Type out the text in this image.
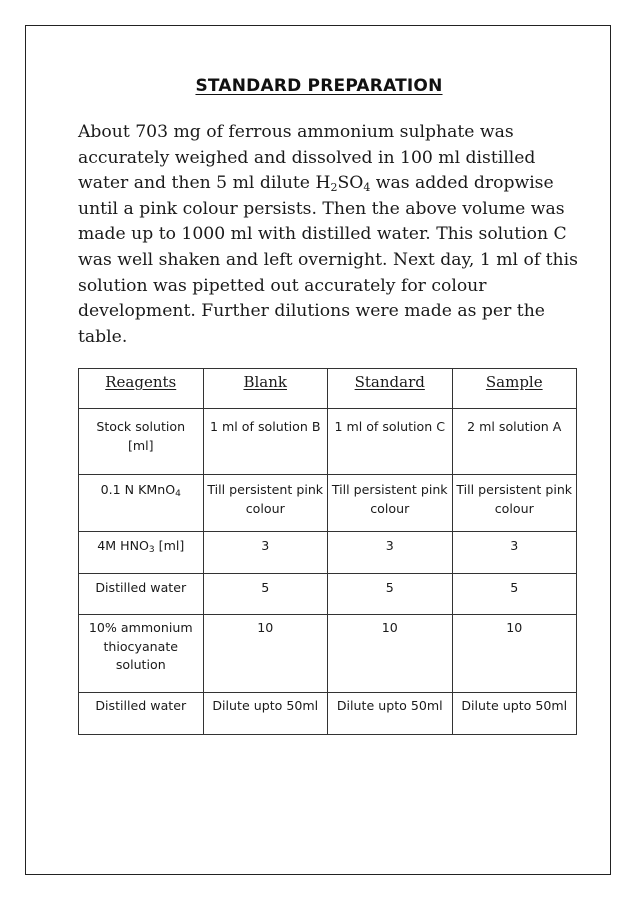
STANDARD PREPARATION

About 703 mg of ferrous ammonium sulphate was accurately weighed and dissolved in 100 ml distilled water and then 5 ml dilute $H_2SO_4$ was added dropwise until a pink colour persists. Then the above volume was made up to 1000 ml with distilled water. This solution C was well shaken and left overnight. Next day, 1 ml of this solution was pipetted out accurately for colour development. Further dilutions were made as per the table.

Reagents	Blank	Standard	Sample
Stock solution [ml]	1 ml of solution B	1 ml of solution C	2 ml solution A
0.1 N KMnO$_4$	Till persistent pink colour	Till persistent pink colour	Till persistent pink colour
4M $HNO_3$ [ml]	3	3	3
Distilled water	5	5	5
10% ammonium thiocyanate solution	10	10	10
Distilled water	Dilute upto 50ml	Dilute upto 50ml	Dilute upto 50ml
